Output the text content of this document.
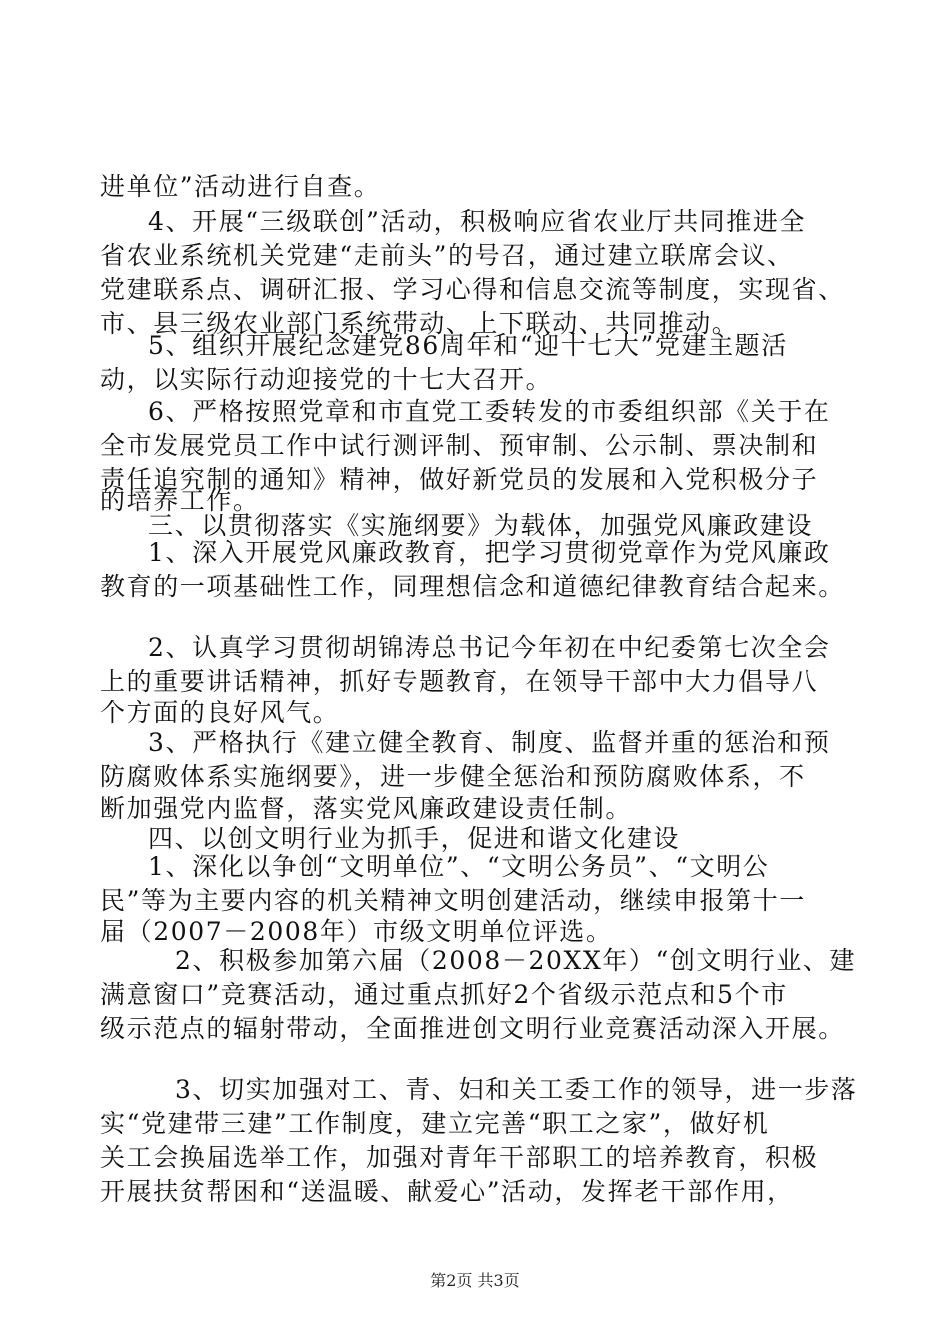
进单位”活动进行自查。
4、开展“三级联创”活动，积极响应省农业厅共同推进全
省农业系统机关党建“走前头”的号召，通过建立联席会议、
党建联系点、调研汇报、学习心得和信息交流等制度，实现省、
市、县三级农业部门系统带动、上下联动、共同推动。
5、组织开展纪念建党86周年和“迎十七大”党建主题活
动，以实际行动迎接党的十七大召开。
6、严格按照党章和市直党工委转发的市委组织部《关于在
全市发展党员工作中试行测评制、预审制、公示制、票决制和
责任追究制的通知》精神，做好新党员的发展和入党积极分子
的培养工作。
三、以贯彻落实《实施纲要》为载体，加强党风廉政建设
1、深入开展党风廉政教育，把学习贯彻党章作为党风廉政
教育的一项基础性工作，同理想信念和道德纪律教育结合起来。
2、认真学习贯彻胡锦涛总书记今年初在中纪委第七次全会
上的重要讲话精神，抓好专题教育，在领导干部中大力倡导八
个方面的良好风气。
3、严格执行《建立健全教育、制度、监督并重的惩治和预
防腐败体系实施纲要》，进一步健全惩治和预防腐败体系，不
断加强党内监督，落实党风廉政建设责任制。
四、以创文明行业为抓手，促进和谐文化建设
1、深化以争创“文明单位”、“文明公务员”、“文明公
民”等为主要内容的机关精神文明创建活动，继续申报第十一
届（2007－2008年）市级文明单位评选。
2、积极参加第六届（2008－20XX年）“创文明行业、建
满意窗口”竞赛活动，通过重点抓好2个省级示范点和5个市
级示范点的辐射带动，全面推进创文明行业竞赛活动深入开展。
3、切实加强对工、青、妇和关工委工作的领导，进一步落
实“党建带三建”工作制度，建立完善“职工之家”，做好机
关工会换届选举工作，加强对青年干部职工的培养教育，积极
开展扶贫帮困和“送温暖、献爱心”活动，发挥老干部作用，
第2页 共3页
